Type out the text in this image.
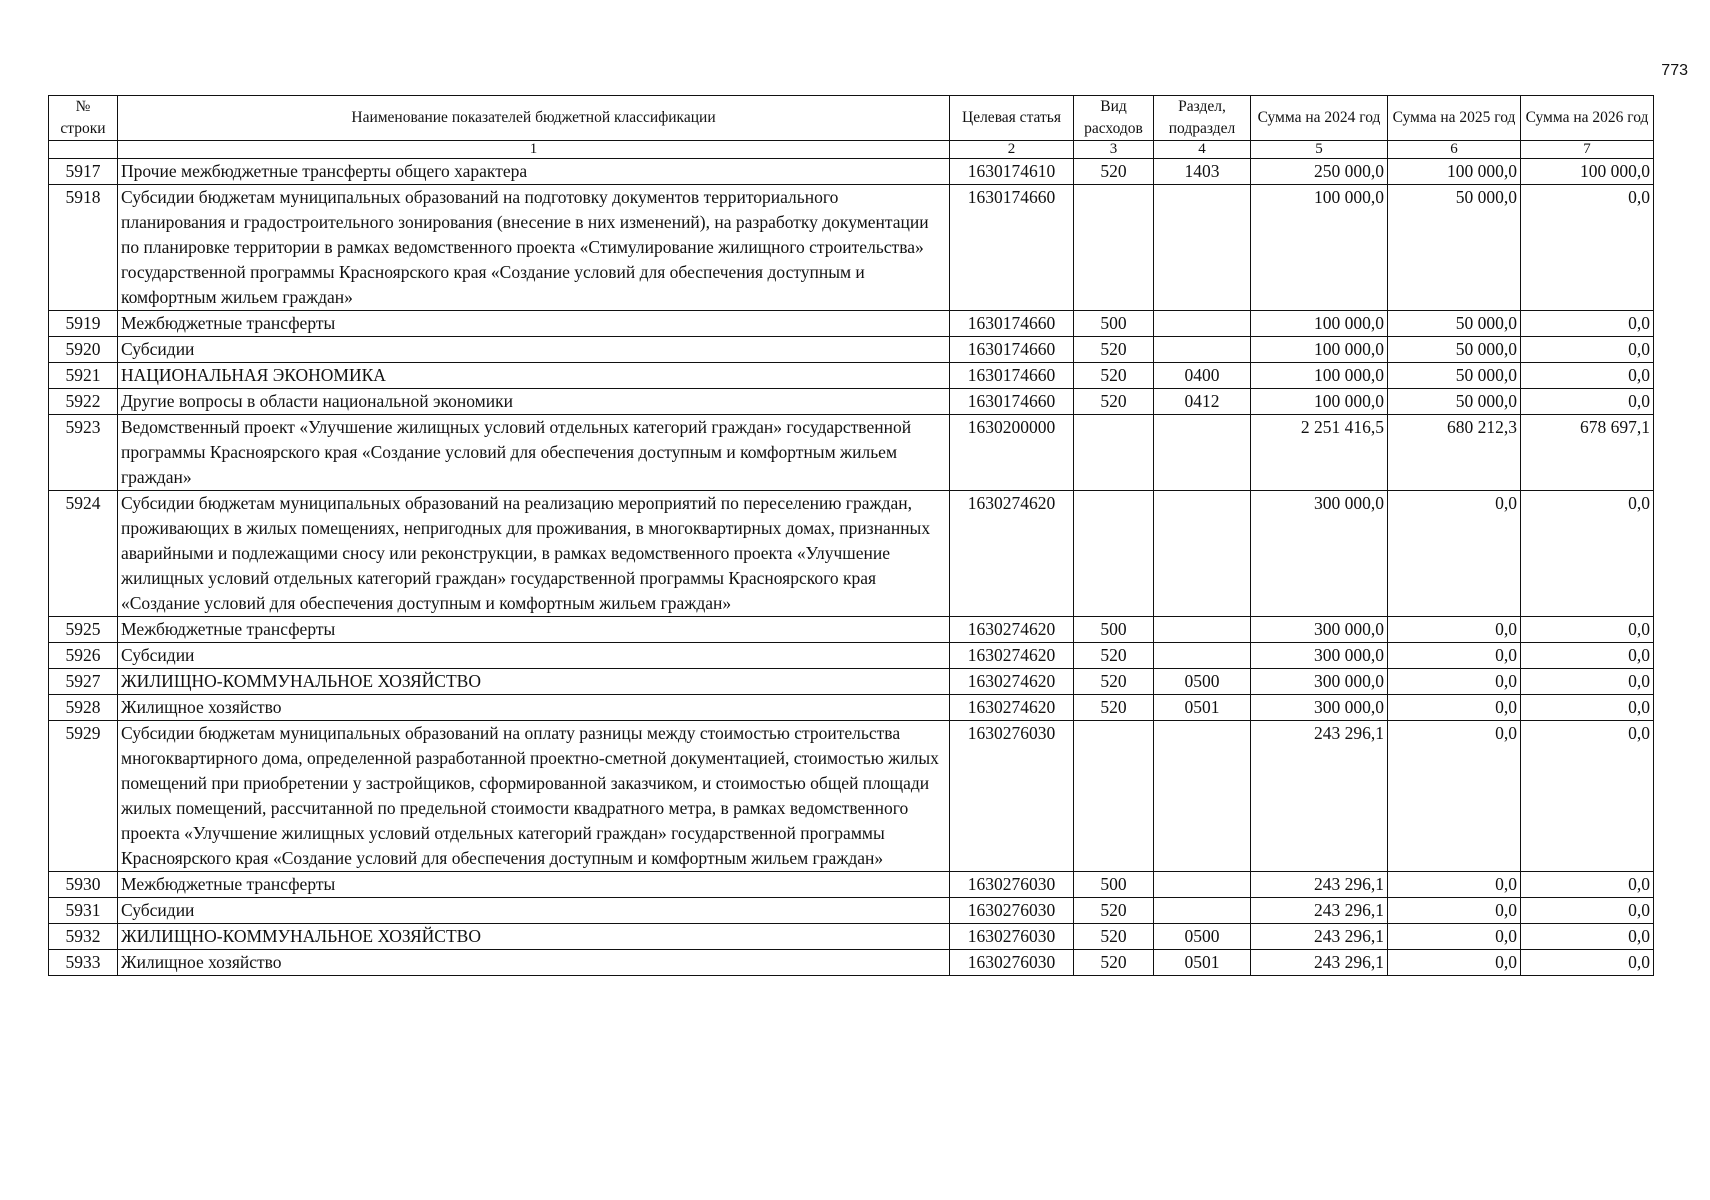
773
№ строки	Наименование показателей бюджетной классификации	Целевая статья	Вид расходов	Раздел, подраздел	Сумма на 2024 год	Сумма на 2025 год	Сумма на 2026 год
	1	2	3	4	5	6	7
5917	Прочие межбюджетные трансферты общего характера	1630174610	520	1403	250 000,0	100 000,0	100 000,0
5918	Субсидии бюджетам муниципальных образований на подготовку документов территориального планирования и градостроительного зонирования (внесение в них изменений), на разработку документации по планировке территории в рамках ведомственного проекта «Стимулирование жилищного строительства» государственной программы Красноярского края «Создание условий для обеспечения доступным и комфортным жильем граждан»	1630174660			100 000,0	50 000,0	0,0
5919	Межбюджетные трансферты	1630174660	500		100 000,0	50 000,0	0,0
5920	Субсидии	1630174660	520		100 000,0	50 000,0	0,0
5921	НАЦИОНАЛЬНАЯ ЭКОНОМИКА	1630174660	520	0400	100 000,0	50 000,0	0,0
5922	Другие вопросы в области национальной экономики	1630174660	520	0412	100 000,0	50 000,0	0,0
5923	Ведомственный проект «Улучшение жилищных условий отдельных категорий граждан» государственной программы Красноярского края «Создание условий для обеспечения доступным и комфортным жильем граждан»	1630200000			2 251 416,5	680 212,3	678 697,1
5924	Субсидии бюджетам муниципальных образований на реализацию мероприятий по переселению граждан, проживающих в жилых помещениях, непригодных для проживания, в многоквартирных домах, признанных аварийными и подлежащими сносу или реконструкции, в рамках ведомственного проекта «Улучшение жилищных условий отдельных категорий граждан» государственной программы Красноярского края «Создание условий для обеспечения доступным и комфортным жильем граждан»	1630274620			300 000,0	0,0	0,0
5925	Межбюджетные трансферты	1630274620	500		300 000,0	0,0	0,0
5926	Субсидии	1630274620	520		300 000,0	0,0	0,0
5927	ЖИЛИЩНО-КОММУНАЛЬНОЕ ХОЗЯЙСТВО	1630274620	520	0500	300 000,0	0,0	0,0
5928	Жилищное хозяйство	1630274620	520	0501	300 000,0	0,0	0,0
5929	Субсидии бюджетам муниципальных образований на оплату разницы между стоимостью строительства многоквартирного дома, определенной разработанной проектно-сметной документацией, стоимостью жилых помещений при приобретении у застройщиков, сформированной заказчиком, и стоимостью общей площади жилых помещений, рассчитанной по предельной стоимости квадратного метра, в рамках ведомственного проекта «Улучшение жилищных условий отдельных категорий граждан» государственной программы Красноярского края «Создание условий для обеспечения доступным и комфортным жильем граждан»	1630276030			243 296,1	0,0	0,0
5930	Межбюджетные трансферты	1630276030	500		243 296,1	0,0	0,0
5931	Субсидии	1630276030	520		243 296,1	0,0	0,0
5932	ЖИЛИЩНО-КОММУНАЛЬНОЕ ХОЗЯЙСТВО	1630276030	520	0500	243 296,1	0,0	0,0
5933	Жилищное хозяйство	1630276030	520	0501	243 296,1	0,0	0,0
